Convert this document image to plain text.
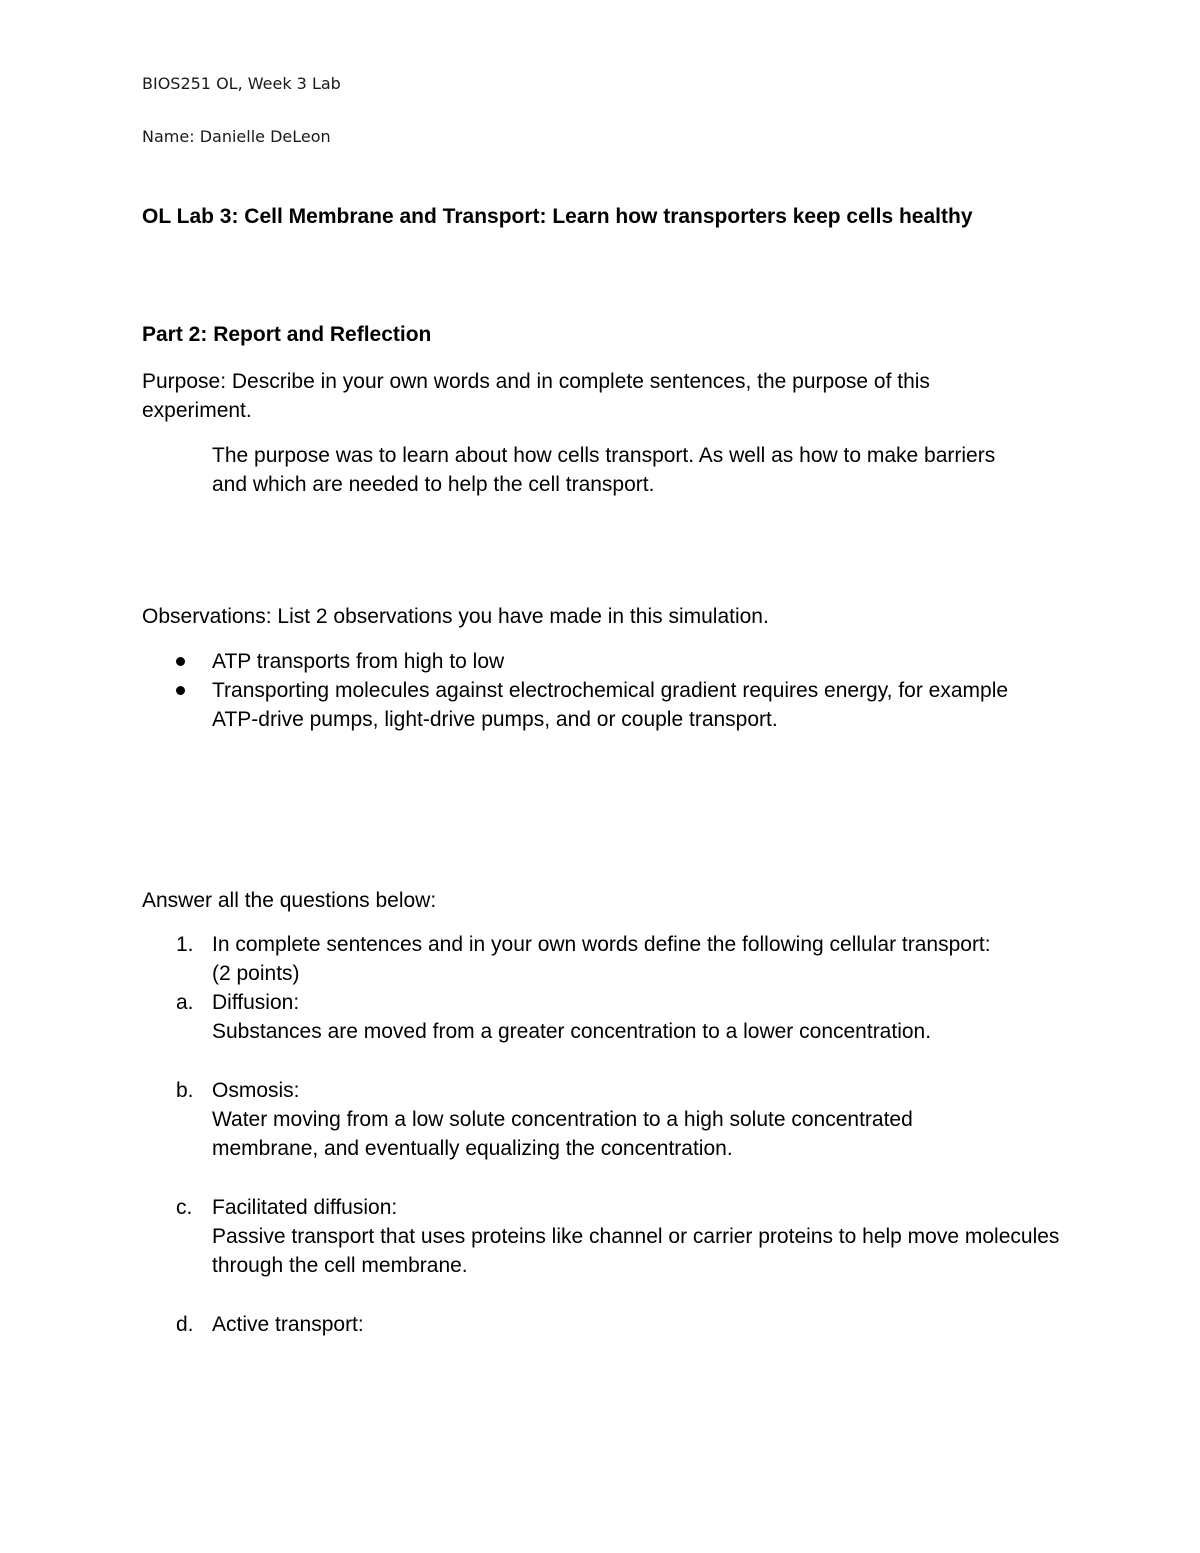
BIOS251 OL, Week 3 Lab
Name: Danielle DeLeon
OL Lab 3: Cell Membrane and Transport: Learn how transporters keep cells healthy
Part 2: Report and Reflection
Purpose: Describe in your own words and in complete sentences, the purpose of this experiment.
The purpose was to learn about how cells transport. As well as how to make barriers and which are needed to help the cell transport.
Observations: List 2 observations you have made in this simulation.
ATP transports from high to low
Transporting molecules against electrochemical gradient requires energy, for example ATP-drive pumps, light-drive pumps, and or couple transport.
Answer all the questions below:
1. In complete sentences and in your own words define the following cellular transport: (2 points)
a. Diffusion:
Substances are moved from a greater concentration to a lower concentration.
b. Osmosis:
Water moving from a low solute concentration to a high solute concentrated membrane, and eventually equalizing the concentration.
c. Facilitated diffusion:
Passive transport that uses proteins like channel or carrier proteins to help move molecules through the cell membrane.
d. Active transport:
